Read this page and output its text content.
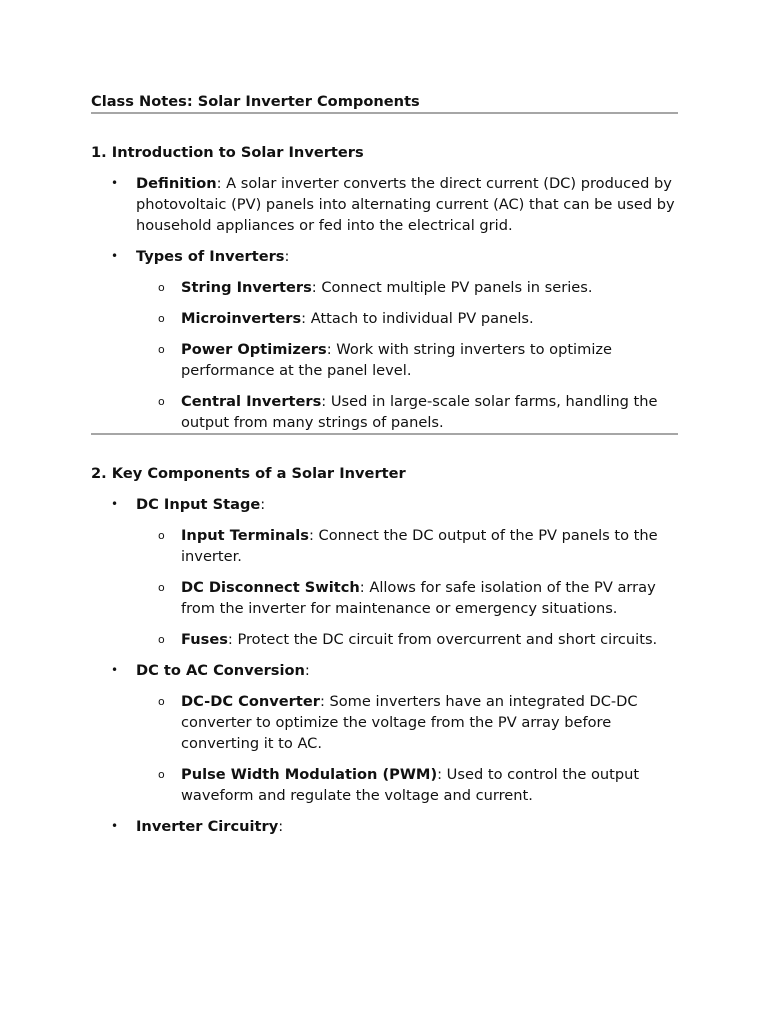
Class Notes: Solar Inverter Components
1. Introduction to Solar Inverters
• Definition: A solar inverter converts the direct current (DC) produced by photovoltaic (PV) panels into alternating current (AC) that can be used by household appliances or fed into the electrical grid.
• Types of Inverters:
o String Inverters: Connect multiple PV panels in series.
o Microinverters: Attach to individual PV panels.
o Power Optimizers: Work with string inverters to optimize performance at the panel level.
o Central Inverters: Used in large-scale solar farms, handling the output from many strings of panels.
2. Key Components of a Solar Inverter
• DC Input Stage:
o Input Terminals: Connect the DC output of the PV panels to the inverter.
o DC Disconnect Switch: Allows for safe isolation of the PV array from the inverter for maintenance or emergency situations.
o Fuses: Protect the DC circuit from overcurrent and short circuits.
• DC to AC Conversion:
o DC-DC Converter: Some inverters have an integrated DC-DC converter to optimize the voltage from the PV array before converting it to AC.
o Pulse Width Modulation (PWM): Used to control the output waveform and regulate the voltage and current.
• Inverter Circuitry:
